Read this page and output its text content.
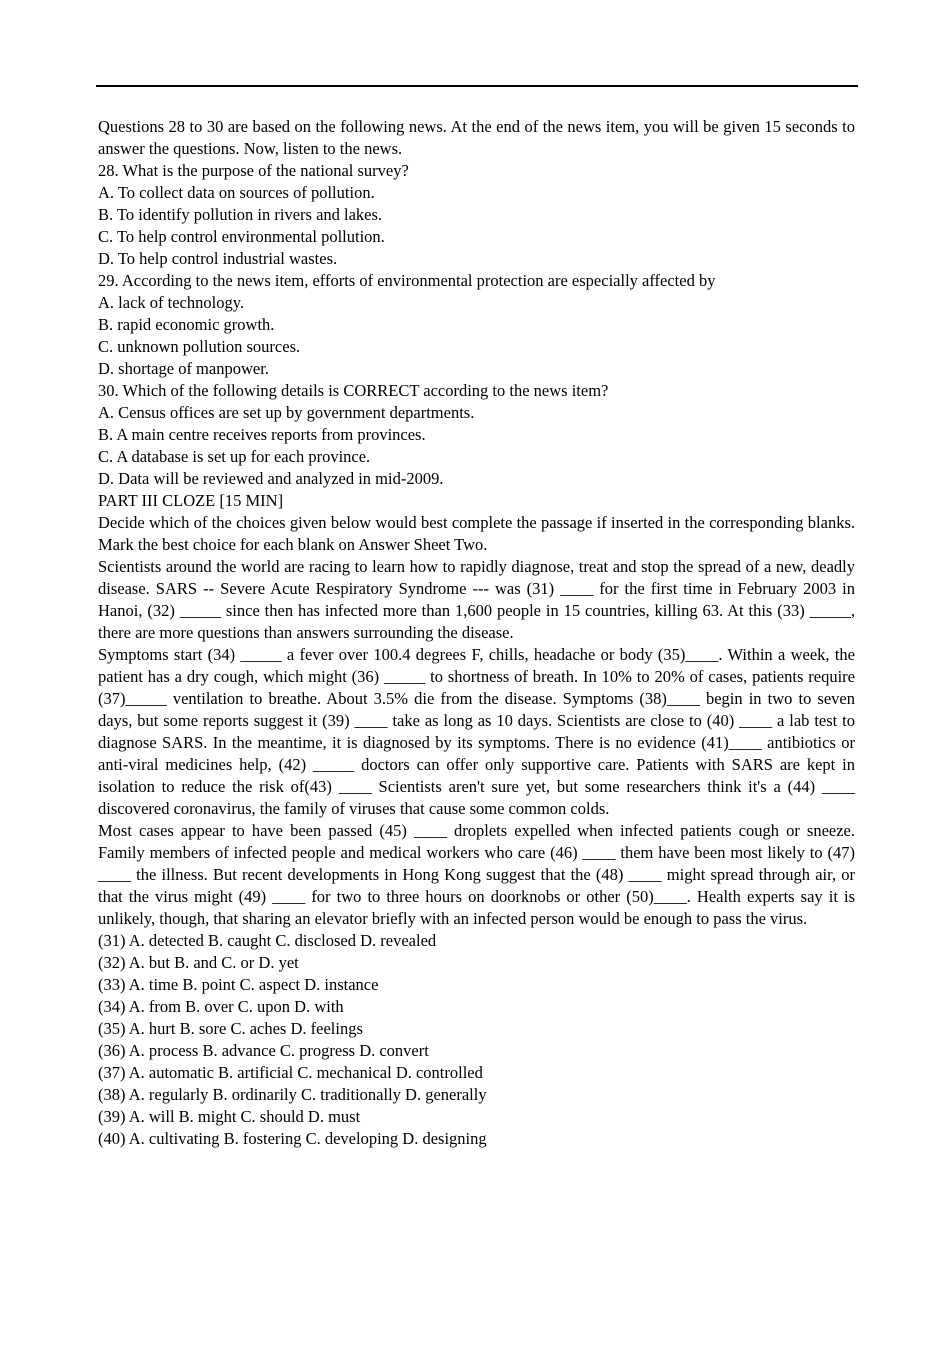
Questions 28 to 30 are based on the following news. At the end of the news item, you will be given 15 seconds to answer the questions. Now, listen to the news.

28. What is the purpose of the national survey?

A. To collect data on sources of pollution.

B. To identify pollution in rivers and lakes.

C. To help control environmental pollution.

D. To help control industrial wastes.

29. According to the news item, efforts of environmental protection are especially affected by

A. lack of technology.

B. rapid economic growth.

C. unknown pollution sources.

D. shortage of manpower.

30. Which of the following details is CORRECT according to the news item?

A. Census offices are set up by government departments.

B. A main centre receives reports from provinces.

C. A database is set up for each province.

D. Data will be reviewed and analyzed in mid-2009.

PART III CLOZE [15 MIN]

Decide which of the choices given below would best complete the passage if inserted in the corresponding blanks. Mark the best choice for each blank on Answer Sheet Two.

Scientists around the world are racing to learn how to rapidly diagnose, treat and stop the spread of a new, deadly disease. SARS -- Severe Acute Respiratory Syndrome --- was (31) ____ for the first time in February 2003 in Hanoi, (32) _____ since then has infected more than 1,600 people in 15 countries, killing 63. At this (33) _____, there are more questions than answers surrounding the disease.

Symptoms start (34) _____ a fever over 100.4 degrees F, chills, headache or body (35)____. Within a week, the patient has a dry cough, which might (36) _____ to shortness of breath. In 10% to 20% of cases, patients require (37)_____ ventilation to breathe. About 3.5% die from the disease. Symptoms (38)____ begin in two to seven days, but some reports suggest it (39) ____ take as long as 10 days. Scientists are close to (40) ____ a lab test to diagnose SARS. In the meantime, it is diagnosed by its symptoms. There is no evidence (41)____ antibiotics or anti-viral medicines help, (42) _____ doctors can offer only supportive care. Patients with SARS are kept in isolation to reduce the risk of(43) ____ Scientists aren't sure yet, but some researchers think it's a (44) ____ discovered coronavirus, the family of viruses that cause some common colds.

Most cases appear to have been passed (45) ____ droplets expelled when infected patients cough or sneeze. Family members of infected people and medical workers who care (46) ____ them have been most likely to (47) ____ the illness. But recent developments in Hong Kong suggest that the (48) ____ might spread through air, or that the virus might (49) ____ for two to three hours on doorknobs or other (50)____. Health experts say it is unlikely, though, that sharing an elevator briefly with an infected person would be enough to pass the virus.

(31) A. detected B. caught C. disclosed D. revealed

(32) A. but B. and C. or D. yet

(33) A. time B. point C. aspect D. instance

(34) A. from B. over C. upon D. with

(35) A. hurt B. sore C. aches D. feelings

(36) A. process B. advance C. progress D. convert

(37) A. automatic B. artificial C. mechanical D. controlled

(38) A. regularly B. ordinarily C. traditionally D. generally

(39) A. will B. might C. should D. must

(40) A. cultivating B. fostering C. developing D. designing
